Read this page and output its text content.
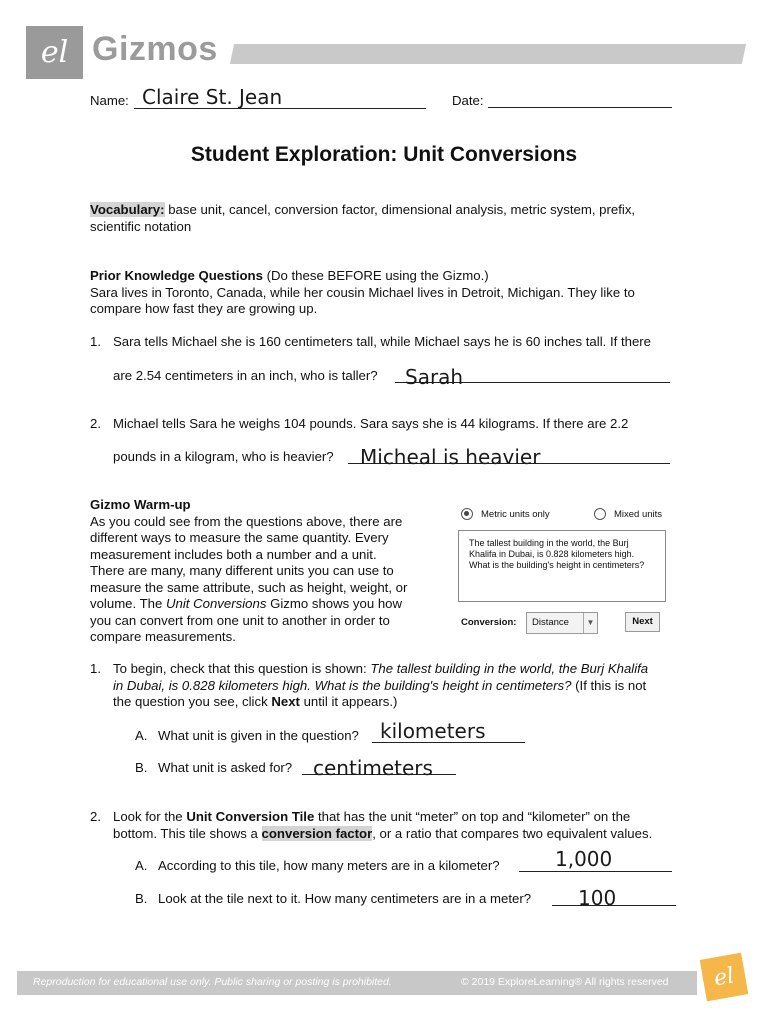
el Gizmos
Name: Claire St. Jean	Date:
Student Exploration: Unit Conversions
Vocabulary: base unit, cancel, conversion factor, dimensional analysis, metric system, prefix,
scientific notation
Prior Knowledge Questions (Do these BEFORE using the Gizmo.)
Sara lives in Toronto, Canada, while her cousin Michael lives in Detroit, Michigan. They like to
compare how fast they are growing up.
1. Sara tells Michael she is 160 centimeters tall, while Michael says he is 60 inches tall. If there
are 2.54 centimeters in an inch, who is taller? Sarah
2. Michael tells Sara he weighs 104 pounds. Sara says she is 44 kilograms. If there are 2.2
pounds in a kilogram, who is heavier? Micheal is heavier
Gizmo Warm-up
As you could see from the questions above, there are
different ways to measure the same quantity. Every
measurement includes both a number and a unit.
There are many, many different units you can use to
measure the same attribute, such as height, weight, or
volume. The Unit Conversions Gizmo shows you how
you can convert from one unit to another in order to
compare measurements.
Metric units only	Mixed units
The tallest building in the world, the Burj
Khalifa in Dubai, is 0.828 kilometers high.
What is the building's height in centimeters?
Conversion: Distance	▼	Next
1. To begin, check that this question is shown: The tallest building in the world, the Burj Khalifa
in Dubai, is 0.828 kilometers high. What is the building's height in centimeters? (If this is not
the question you see, click Next until it appears.)
A. What unit is given in the question? kilometers
B. What unit is asked for? centimeters
2. Look for the Unit Conversion Tile that has the unit “meter” on top and “kilometer” on the
bottom. This tile shows a conversion factor, or a ratio that compares two equivalent values.
A. According to this tile, how many meters are in a kilometer?	1,000
B. Look at the tile next to it. How many centimeters are in a meter? 100
Reproduction for educational use only. Public sharing or posting is prohibited.	© 2019 ExploreLearning® All rights reserved el
